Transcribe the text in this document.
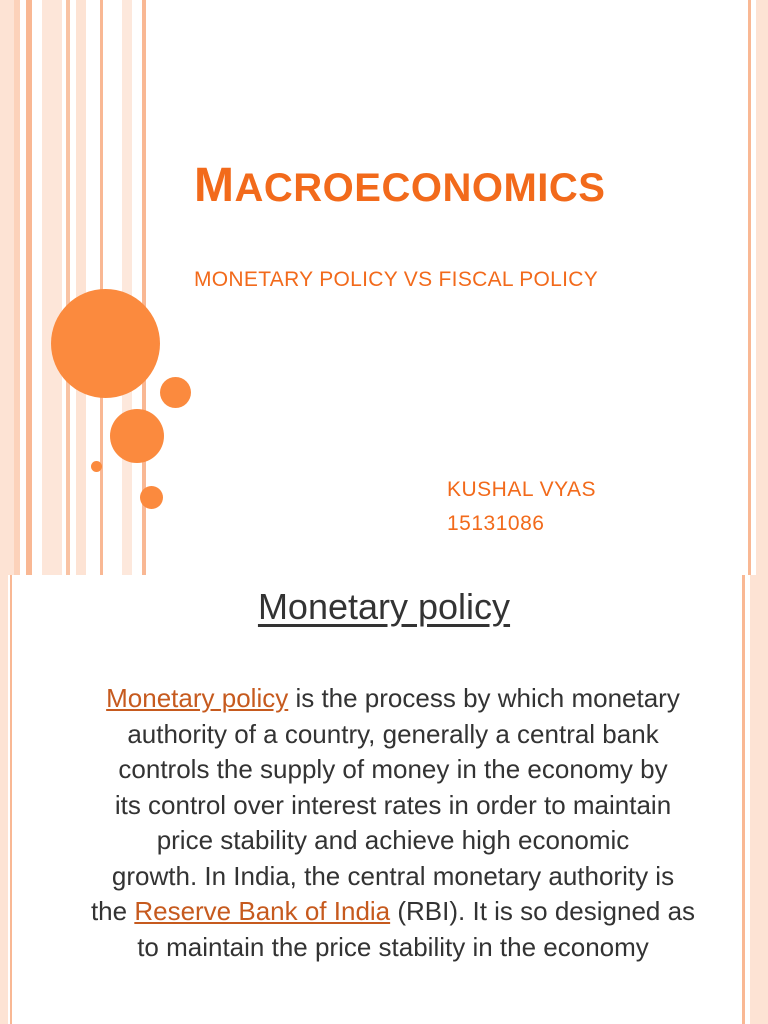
MACROECONOMICS
MONETARY POLICY VS FISCAL POLICY
KUSHAL VYAS
15131086
Monetary policy
Monetary policy is the process by which monetary
authority of a country, generally a central bank
controls the supply of money in the economy by
its control over interest rates in order to maintain
price stability and achieve high economic
growth. In India, the central monetary authority is
the Reserve Bank of India (RBI). It is so designed as
to maintain the price stability in the economy
